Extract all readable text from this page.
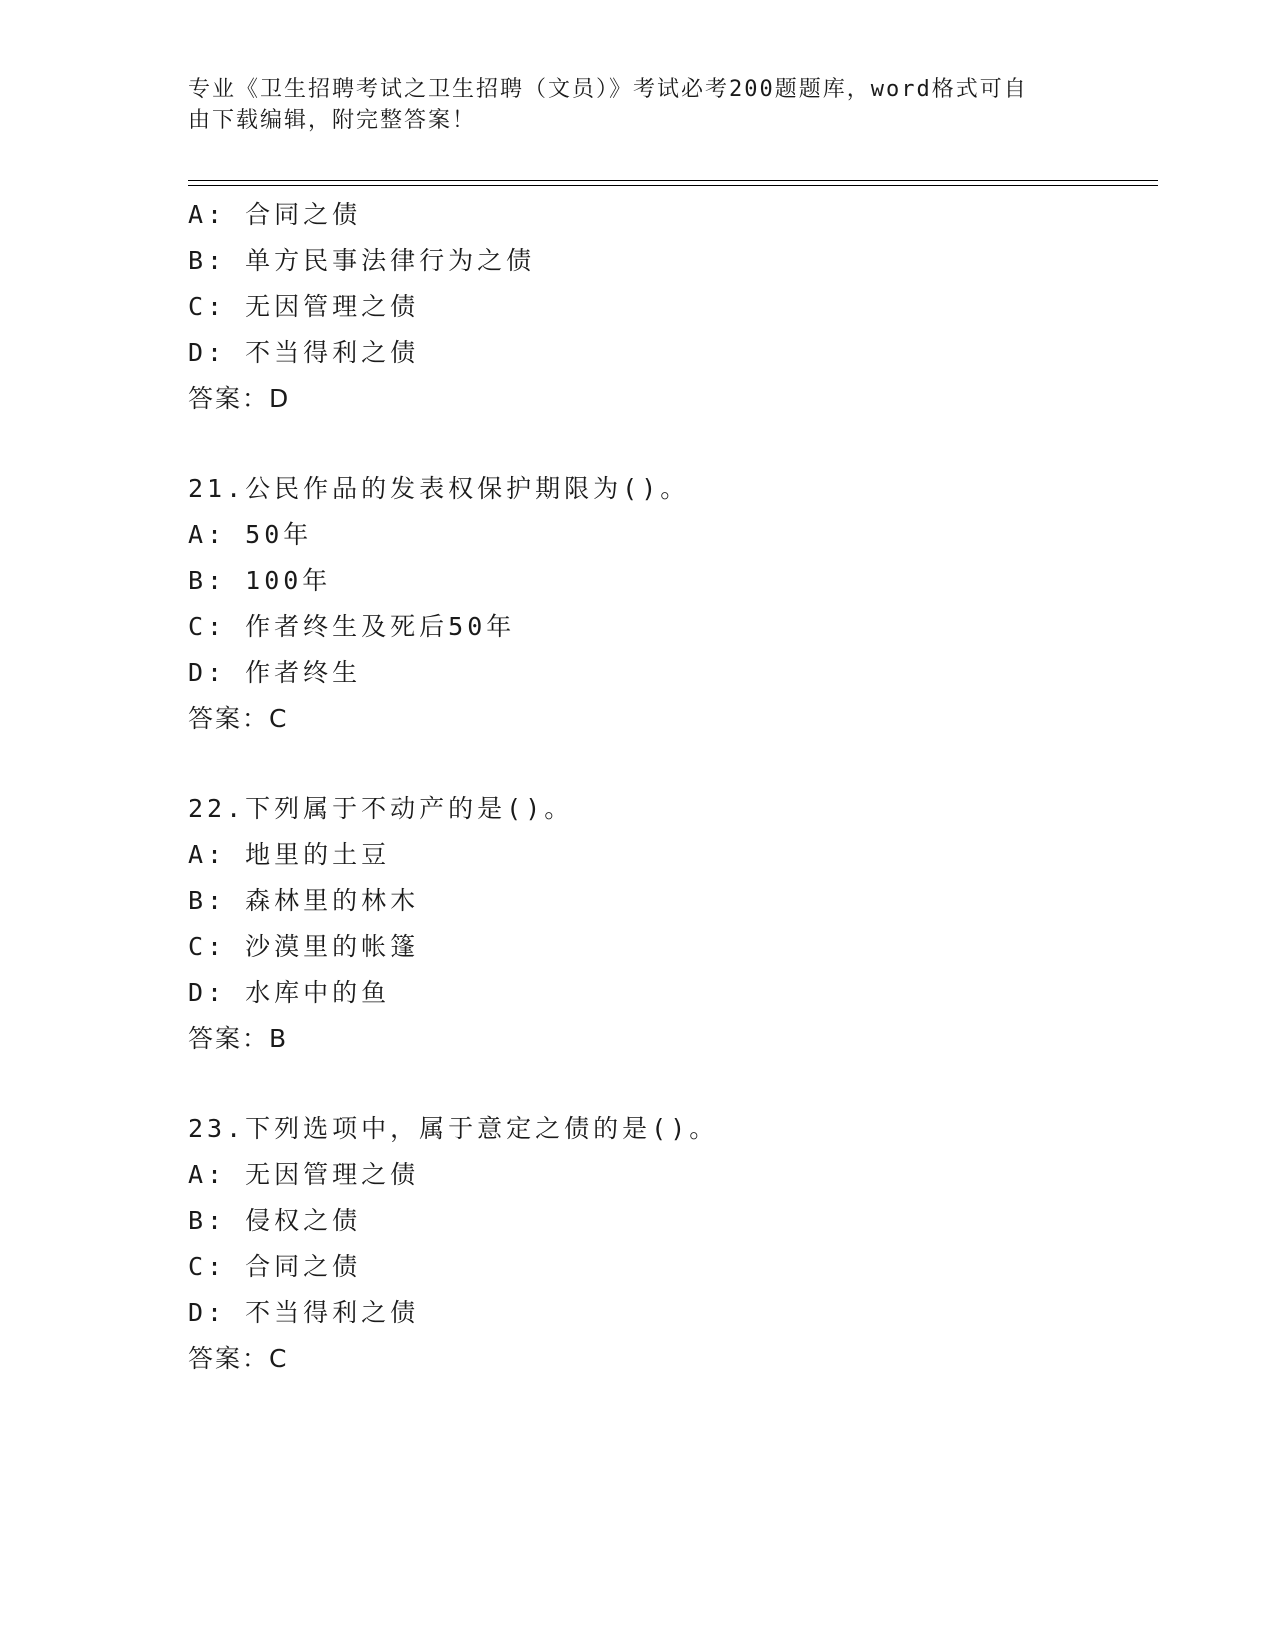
专业《卫生招聘考试之卫生招聘（文员）》考试必考200题题库，word格式可自
由下载编辑，附完整答案！
A: 合同之债
B: 单方民事法律行为之债
C: 无因管理之债
D: 不当得利之债
答案：D
21.公民作品的发表权保护期限为()。
A: 50年
B: 100年
C: 作者终生及死后50年
D: 作者终生
答案：C
22.下列属于不动产的是()。
A: 地里的土豆
B: 森林里的林木
C: 沙漠里的帐篷
D: 水库中的鱼
答案：B
23.下列选项中，属于意定之债的是()。
A: 无因管理之债
B: 侵权之债
C: 合同之债
D: 不当得利之债
答案：C
